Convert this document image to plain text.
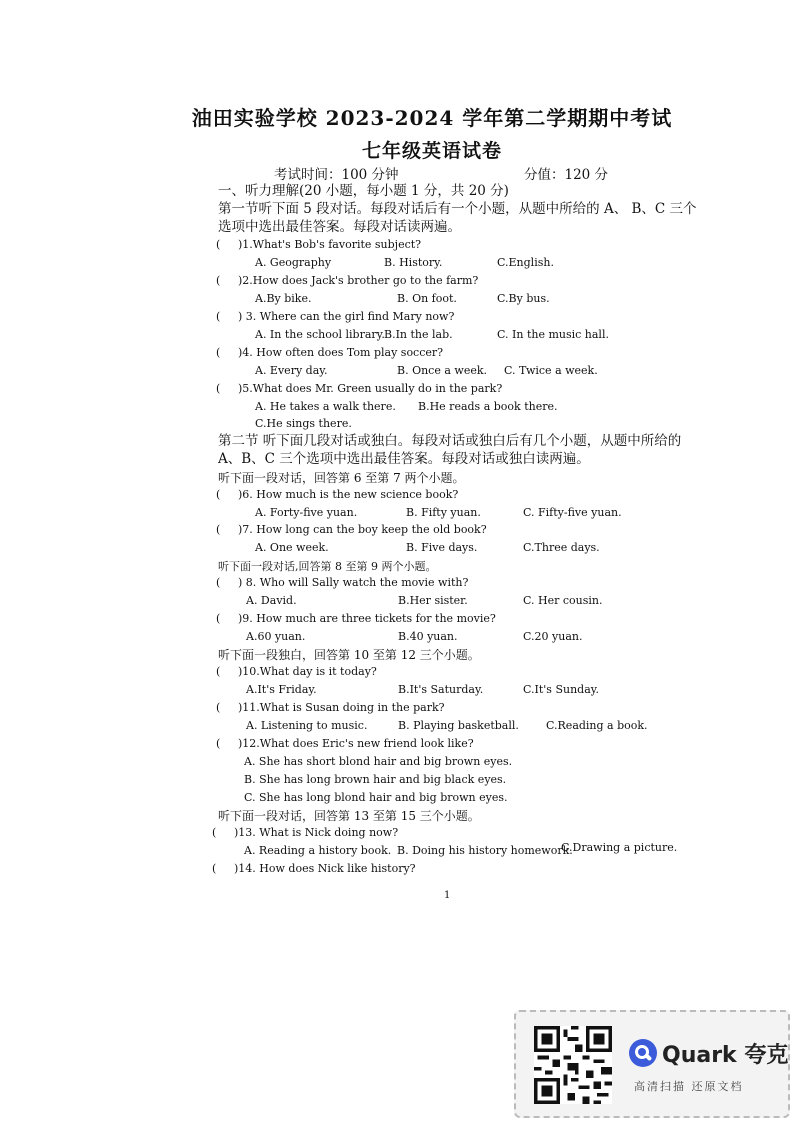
油田实验学校 2023-2024 学年第二学期期中考试
七年级英语试卷
考试时间：100 分钟	分值：120 分
一、听力理解(20 小题，每小题 1 分，共 20 分)
第一节听下面 5 段对话。每段对话后有一个小题，从题中所给的 A、 B、C 三个选项中选出最佳答案。每段对话读两遍。
( )1.What's Bob's favorite subject?
A. Geography	B. History.	C.English.
( )2.How does Jack's brother go to the farm?
A.By bike.	B. On foot.	C.By bus.
( ) 3. Where can the girl find Mary now?
A. In the school library. B.In the lab.	C. In the music hall.
( )4. How often does Tom play soccer?
A. Every day.	B. Once a week. C. Twice a week.
( )5.What does Mr. Green usually do in the park?
A. He takes a walk there. B.He reads a book there.
C.He sings there.
第二节 听下面几段对话或独白。每段对话或独白后有几个小题，从题中所给的 A、B、C 三个选项中选出最佳答案。每段对话或独白读两遍。
听下面一段对话，回答第 6 至第 7 两个小题。
( )6. How much is the new science book?
A. Forty-five yuan.	B. Fifty yuan.	C. Fifty-five yuan.
( )7. How long can the boy keep the old book?
A. One week.	B. Five days.	C.Three days.
听下面一段对话,回答第 8 至第 9 两个小题。
( ) 8. Who will Sally watch the movie with?
A. David.	B.Her sister.	C. Her cousin.
( )9. How much are three tickets for the movie?
A.60 yuan.	B.40 yuan.	C.20 yuan.
听下面一段独白，回答第 10 至第 12 三个小题。
( )10.What day is it today?
A.It's Friday.	B.It's Saturday.	C.It's Sunday.
( )11.What is Susan doing in the park?
A. Listening to music.	B. Playing basketball. C.Reading a book.
( )12.What does Eric's new friend look like?
A. She has short blond hair and big brown eyes.
B. She has long brown hair and big black eyes.
C. She has long blond hair and big brown eyes.
听下面一段对话，回答第 13 至第 15 三个小题。
( )13. What is Nick doing now?
A. Reading a history book. B. Doing his history homework.
C.Drawing a picture.
( )14. How does Nick like history?
1
Quark 夸克
高清扫描 还原文档
